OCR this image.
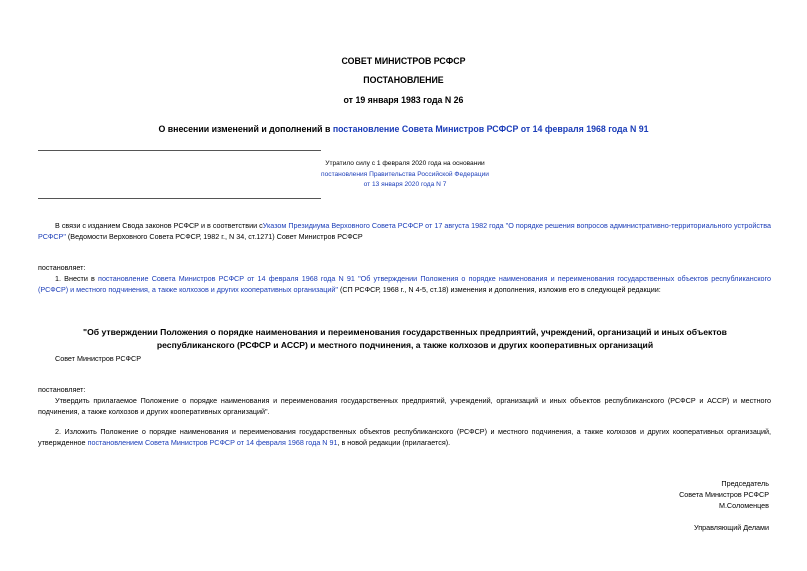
СОВЕТ МИНИСТРОВ РСФСР
ПОСТАНОВЛЕНИЕ
от 19 января 1983 года N 26
О внесении изменений и дополнений в постановление Совета Министров РСФСР от 14 февраля 1968 года N 91
Утратило силу с 1 февраля 2020 года на основании
постановления Правительства Российской Федерации
от 13 января 2020 года N 7
В связи с изданием Свода законов РСФСР и в соответствии сУказом Президиума Верховного Совета РСФСР от 17 августа 1982 года "О порядке решения вопросов административно-территориального устройства РСФСР" (Ведомости Верховного Совета РСФСР, 1982 г., N 34, ст.1271) Совет Министров РСФСР
постановляет:
1. Внести в постановление Совета Министров РСФСР от 14 февраля 1968 года N 91 "Об утверждении Положения о порядке наименования и переименования государственных объектов республиканского (РСФСР) и местного подчинения, а также колхозов и других кооперативных организаций" (СП РСФСР, 1968 г., N 4-5, ст.18) изменения и дополнения, изложив его в следующей редакции:
"Об утверждении Положения о порядке наименования и переименования государственных предприятий, учреждений, организаций и иных объектов республиканского (РСФСР и АССР) и местного подчинения, а также колхозов и других кооперативных организаций
Совет Министров РСФСР
постановляет:
Утвердить прилагаемое Положение о порядке наименования и переименования государственных предприятий, учреждений, организаций и иных объектов республиканского (РСФСР и АССР) и местного подчинения, а также колхозов и других кооперативных организаций".
2. Изложить Положение о порядке наименования и переименования государственных объектов республиканского (РСФСР) и местного подчинения, а также колхозов и других кооперативных организаций, утвержденное постановлением Совета Министров РСФСР от 14 февраля 1968 года N 91, в новой редакции (прилагается).
Председатель
Совета Министров РСФСР
М.Соломенцев
Управляющий Делами
